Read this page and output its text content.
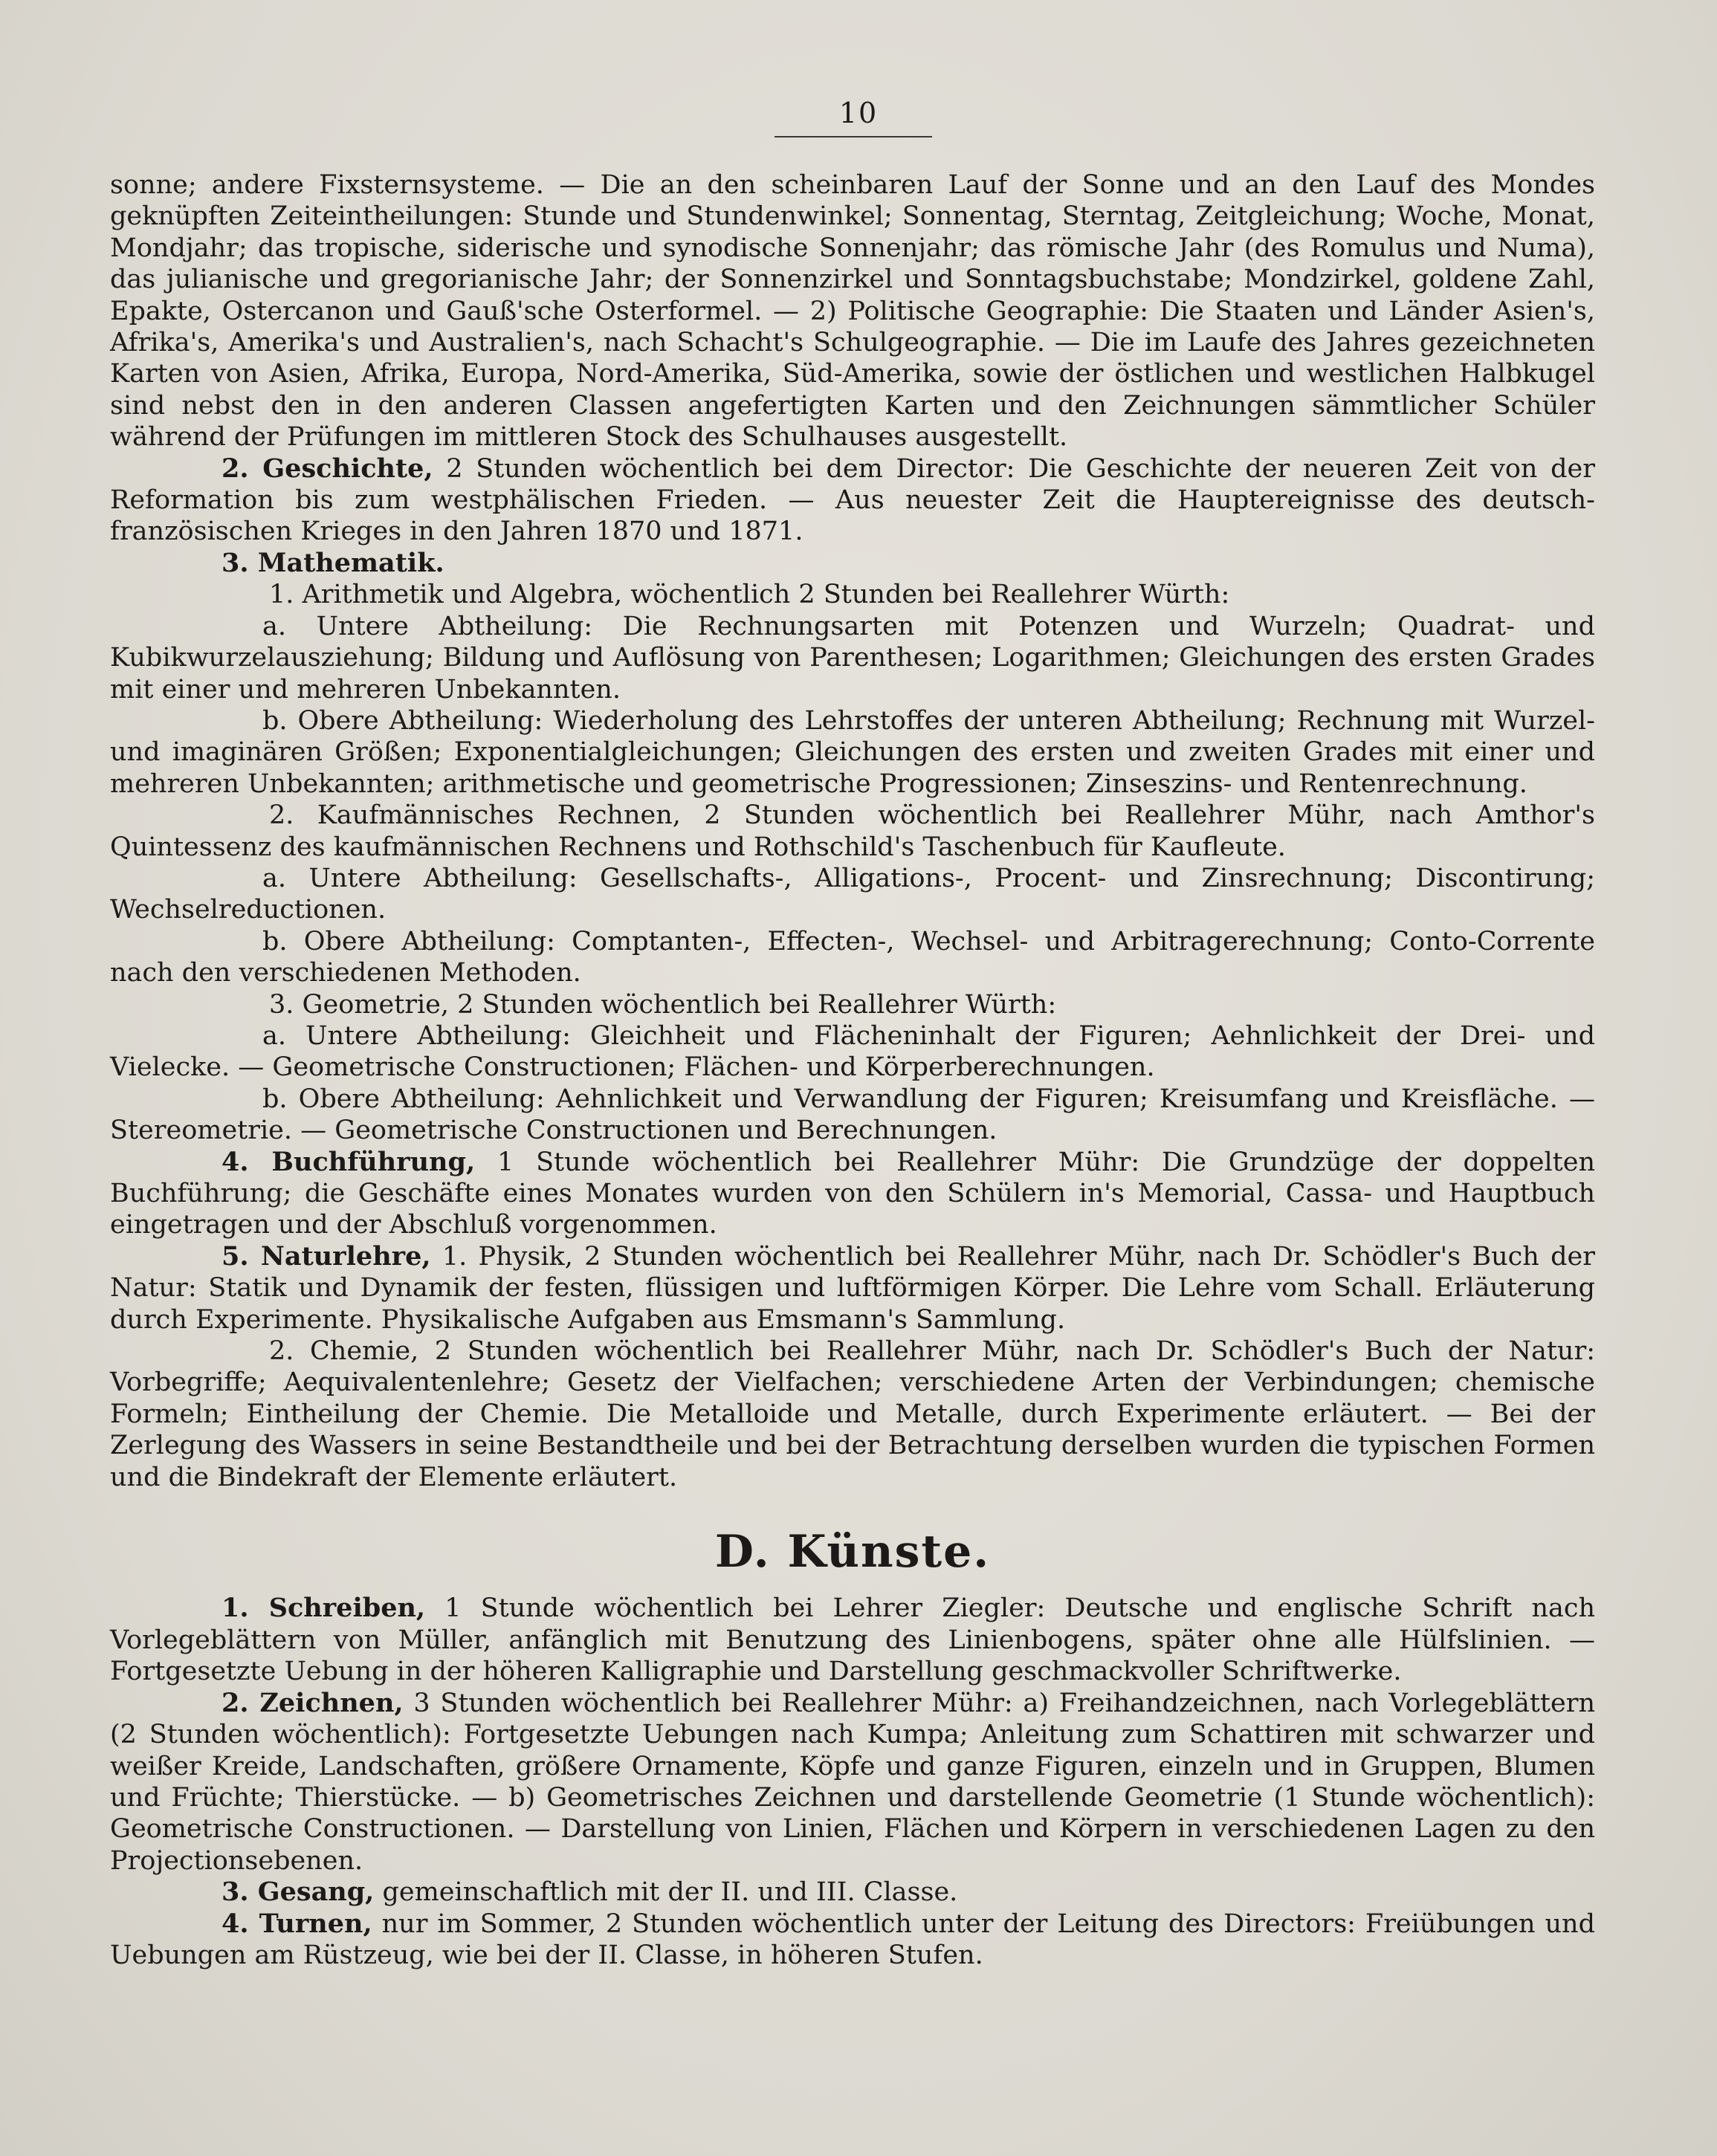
10

sonne; andere Fixsternsysteme. — Die an den scheinbaren Lauf der Sonne und an den Lauf des Mondes geknüpften Zeiteintheilungen: Stunde und Stundenwinkel; Sonnentag, Sterntag, Zeitgleichung; Woche, Monat, Mondjahr; das tropische, siderische und synodische Sonnenjahr; das römische Jahr (des Romulus und Numa), das julianische und gregorianische Jahr; der Sonnenzirkel und Sonntagsbuchstabe; Mondzirkel, goldene Zahl, Epakte, Ostercanon und Gauß'sche Osterformel. — 2) Politische Geographie: Die Staaten und Länder Asien's, Afrika's, Amerika's und Australien's, nach Schacht's Schulgeographie. — Die im Laufe des Jahres gezeichneten Karten von Asien, Afrika, Europa, Nord-Amerika, Süd-Amerika, sowie der östlichen und westlichen Halbkugel sind nebst den in den anderen Classen angefertigten Karten und den Zeichnungen sämmtlicher Schüler während der Prüfungen im mittleren Stock des Schulhauses ausgestellt.

2. Geschichte, 2 Stunden wöchentlich bei dem Director: Die Geschichte der neueren Zeit von der Reformation bis zum westphälischen Frieden. — Aus neuester Zeit die Hauptereignisse des deutsch-französischen Krieges in den Jahren 1870 und 1871.

3. Mathematik.

1. Arithmetik und Algebra, wöchentlich 2 Stunden bei Reallehrer Würth:

a. Untere Abtheilung: Die Rechnungsarten mit Potenzen und Wurzeln; Quadrat- und Kubikwurzelausziehung; Bildung und Auflösung von Parenthesen; Logarithmen; Gleichungen des ersten Grades mit einer und mehreren Unbekannten.

b. Obere Abtheilung: Wiederholung des Lehrstoffes der unteren Abtheilung; Rechnung mit Wurzel- und imaginären Größen; Exponentialgleichungen; Gleichungen des ersten und zweiten Grades mit einer und mehreren Unbekannten; arithmetische und geometrische Progressionen; Zinseszins- und Rentenrechnung.

2. Kaufmännisches Rechnen, 2 Stunden wöchentlich bei Reallehrer Mühr, nach Amthor's Quintessenz des kaufmännischen Rechnens und Rothschild's Taschenbuch für Kaufleute.

a. Untere Abtheilung: Gesellschafts-, Alligations-, Procent- und Zinsrechnung; Discontirung; Wechselreductionen.

b. Obere Abtheilung: Comptanten-, Effecten-, Wechsel- und Arbitragerechnung; Conto-Corrente nach den verschiedenen Methoden.

3. Geometrie, 2 Stunden wöchentlich bei Reallehrer Würth:

a. Untere Abtheilung: Gleichheit und Flächeninhalt der Figuren; Aehnlichkeit der Drei- und Vielecke. — Geometrische Constructionen; Flächen- und Körperberechnungen.

b. Obere Abtheilung: Aehnlichkeit und Verwandlung der Figuren; Kreisumfang und Kreisfläche. — Stereometrie. — Geometrische Constructionen und Berechnungen.

4. Buchführung, 1 Stunde wöchentlich bei Reallehrer Mühr: Die Grundzüge der doppelten Buchführung; die Geschäfte eines Monates wurden von den Schülern in's Memorial, Cassa- und Hauptbuch eingetragen und der Abschluß vorgenommen.

5. Naturlehre, 1. Physik, 2 Stunden wöchentlich bei Reallehrer Mühr, nach Dr. Schödler's Buch der Natur: Statik und Dynamik der festen, flüssigen und luftförmigen Körper. Die Lehre vom Schall. Erläuterung durch Experimente. Physikalische Aufgaben aus Emsmann's Sammlung.

2. Chemie, 2 Stunden wöchentlich bei Reallehrer Mühr, nach Dr. Schödler's Buch der Natur: Vorbegriffe; Aequivalentenlehre; Gesetz der Vielfachen; verschiedene Arten der Verbindungen; chemische Formeln; Eintheilung der Chemie. Die Metalloide und Metalle, durch Experimente erläutert. — Bei der Zerlegung des Wassers in seine Bestandtheile und bei der Betrachtung derselben wurden die typischen Formen und die Bindekraft der Elemente erläutert.

D. Künste.

1. Schreiben, 1 Stunde wöchentlich bei Lehrer Ziegler: Deutsche und englische Schrift nach Vorlegeblättern von Müller, anfänglich mit Benutzung des Linienbogens, später ohne alle Hülfslinien. — Fortgesetzte Uebung in der höheren Kalligraphie und Darstellung geschmackvoller Schriftwerke.

2. Zeichnen, 3 Stunden wöchentlich bei Reallehrer Mühr: a) Freihandzeichnen, nach Vorlegeblättern (2 Stunden wöchentlich): Fortgesetzte Uebungen nach Kumpa; Anleitung zum Schattiren mit schwarzer und weißer Kreide, Landschaften, größere Ornamente, Köpfe und ganze Figuren, einzeln und in Gruppen, Blumen und Früchte; Thierstücke. — b) Geometrisches Zeichnen und darstellende Geometrie (1 Stunde wöchentlich): Geometrische Constructionen. — Darstellung von Linien, Flächen und Körpern in verschiedenen Lagen zu den Projectionsebenen.

3. Gesang, gemeinschaftlich mit der II. und III. Classe.

4. Turnen, nur im Sommer, 2 Stunden wöchentlich unter der Leitung des Directors: Freiübungen und Uebungen am Rüstzeug, wie bei der II. Classe, in höheren Stufen.
